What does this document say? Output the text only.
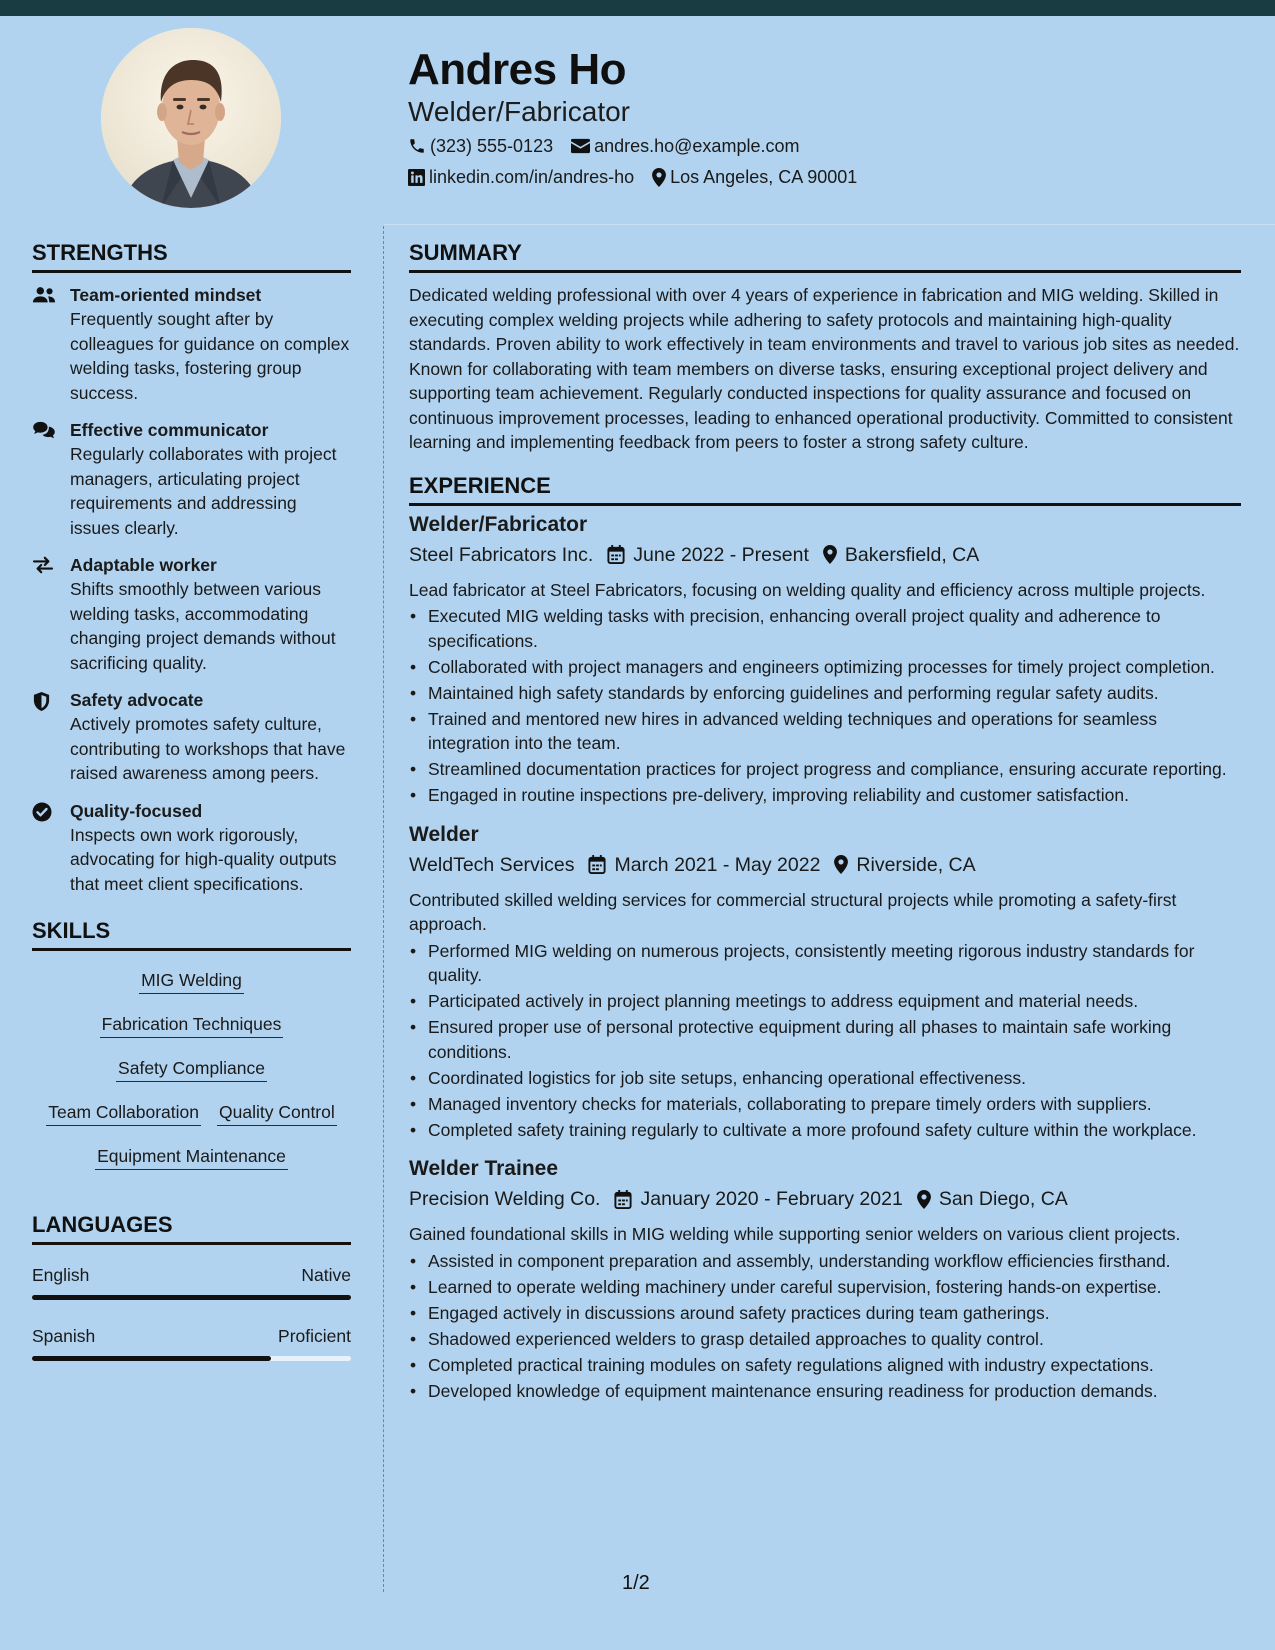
Andres Ho
Welder/Fabricator
(323) 555-0123 andres.ho@example.com
linkedin.com/in/andres-ho Los Angeles, CA 90001
STRENGTHS
Team-oriented mindset
Frequently sought after by colleagues for guidance on complex welding tasks, fostering group success.
Effective communicator
Regularly collaborates with project managers, articulating project requirements and addressing issues clearly.
Adaptable worker
Shifts smoothly between various welding tasks, accommodating changing project demands without sacrificing quality.
Safety advocate
Actively promotes safety culture, contributing to workshops that have raised awareness among peers.
Quality-focused
Inspects own work rigorously, advocating for high-quality outputs that meet client specifications.
SKILLS
MIG Welding
Fabrication Techniques
Safety Compliance
Team Collaboration Quality Control
Equipment Maintenance
LANGUAGES
English	Native
Spanish	Proficient
SUMMARY

Dedicated welding professional with over 4 years of experience in fabrication and MIG welding. Skilled in executing complex welding projects while adhering to safety protocols and maintaining high-quality standards. Proven ability to work effectively in team environments and travel to various job sites as needed. Known for collaborating with team members on diverse tasks, ensuring exceptional project delivery and supporting team achievement. Regularly conducted inspections for quality assurance and focused on continuous improvement processes, leading to enhanced operational productivity. Committed to consistent learning and implementing feedback from peers to foster a strong safety culture.

EXPERIENCE
Welder/Fabricator
Steel Fabricators Inc. June 2022 - Present Bakersfield, CA
Lead fabricator at Steel Fabricators, focusing on welding quality and efficiency across multiple projects.
• Executed MIG welding tasks with precision, enhancing overall project quality and adherence to specifications.
• Collaborated with project managers and engineers optimizing processes for timely project completion.
• Maintained high safety standards by enforcing guidelines and performing regular safety audits.
• Trained and mentored new hires in advanced welding techniques and operations for seamless integration into the team.
• Streamlined documentation practices for project progress and compliance, ensuring accurate reporting.
• Engaged in routine inspections pre-delivery, improving reliability and customer satisfaction.
Welder
WeldTech Services March 2021 - May 2022 Riverside, CA
Contributed skilled welding services for commercial structural projects while promoting a safety-first approach.
• Performed MIG welding on numerous projects, consistently meeting rigorous industry standards for quality.
• Participated actively in project planning meetings to address equipment and material needs.
• Ensured proper use of personal protective equipment during all phases to maintain safe working conditions.
• Coordinated logistics for job site setups, enhancing operational effectiveness.
• Managed inventory checks for materials, collaborating to prepare timely orders with suppliers.
• Completed safety training regularly to cultivate a more profound safety culture within the workplace.
Welder Trainee
Precision Welding Co. January 2020 - February 2021 San Diego, CA
Gained foundational skills in MIG welding while supporting senior welders on various client projects.
• Assisted in component preparation and assembly, understanding workflow efficiencies firsthand.
• Learned to operate welding machinery under careful supervision, fostering hands-on expertise.
• Engaged actively in discussions around safety practices during team gatherings.
• Shadowed experienced welders to grasp detailed approaches to quality control.
• Completed practical training modules on safety regulations aligned with industry expectations.
• Developed knowledge of equipment maintenance ensuring readiness for production demands.
1/2
